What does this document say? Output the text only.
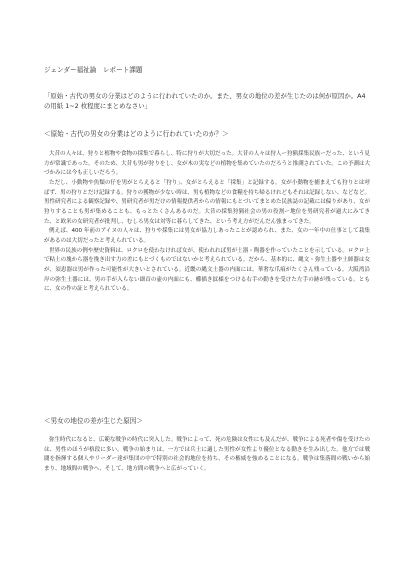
ジェンダー福祉論　レポート課題
「原始・古代の男女の分業はどのように行われていたのか。また、男女の地位の差が生じたのは何が原因か。A4の用紙 1~2 枚程度にまとめなさい」
＜原始・古代の男女の分業はどのように行われていたのか？＞

大昔の人々は、狩りと植物や食物の採集で暮らし、特に狩りが大切だった。大昔の人々は狩人ー狩猟採集民族ーだった、という見方が常識であった。そのため、大昔も男が狩りをし、女が木の実などの植物を集めていたのだろうと推測されていた。この予測は大づかみには今も正しいだろう。

ただし、小動物や魚類の仔を男がとらえると「狩り」、女がとらえると「採集」と記録する。女が小動物を捕まえても狩りとは呼ばず、男の狩りとだけ記録する。狩りの獲物が少ない時は、男も植物などの食糧を持ち帰るけれどもそれは記録しない、などなど。男性研究者による観察記録や、男研究者が男だけの情報提供者からの情報にもとづいてまとめた民族誌の記載には偏りがあり、女が狩りすることも男が集めることも、もっとたくさんあるのだ。大昔の採集狩猟社会の男の役割ー地位を男研究者が過大にみてきた、と欧米の女研究者が批判し、むしろ男女は対等に暮らしてきた、という考え方がだんだん強まってきた。

例えば、400 年前のアイヌの人々は、狩りや採集には男女が協力しあったことが認められ、また、女の一年中の仕事として栽集があるのは大切だったと考えられている。

世界の民族の例や歴史資料は、ロクロを使わなければ女が、使われれば男が土器・陶器を作っていたことを示している。ロクロ上で粘土の塊から器を挽き出す力の差にもとづくものではないかと考えられている。だから、基本的に、縄文・弥生土器や土師器は女が、須恵器は男が作った可能性が大きいとされている。近畿の縄文土器の内面には、華奢な爪痕がたくさん残っている。大阪湾沿岸の弥生土器には、男の手が入らない細首の壷の内面にも、櫛描き紋様をつける右手の動きを受けた左手の跡が残っている。ともに、女の作の証と考えられている。

＜男女の地位の差が生じた原因＞

弥生時代になると、広範な戦争の時代に突入した。戦争によって、死の危険は女性にも及んだが、戦争による死者や傷を受けたのは、男性のほうが格段に多い。戦争の始まりは、一方では兵士に適した男性が女性より優位となる動きを生み出した。他方では戦闘を指揮する個人やリーダー達が集団の中で特別の社会的地位を持ち、その権威を強めることになる。戦争は集落間の戦いから始まり、地域間の戦争へ、そして、地方間の戦争へと広がっていく。
